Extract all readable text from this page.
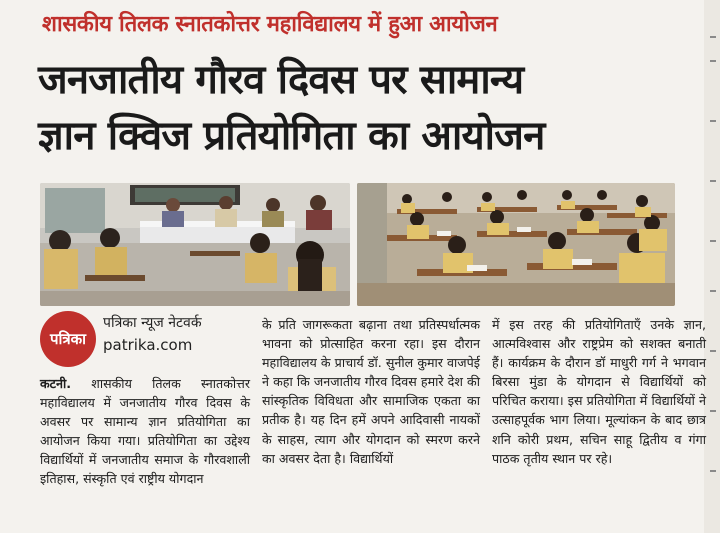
शासकीय तिलक स्नातकोत्तर महाविद्यालय में हुआ आयोजन
जनजातीय गौरव दिवस पर सामान्य
ज्ञान क्विज प्रतियोगिता का आयोजन
पत्रिका
पत्रिका न्यूज नेटवर्क
patrika.com

कटनी. शासकीय तिलक स्नातकोत्तर महाविद्यालय में जनजातीय गौरव दिवस के अवसर पर सामान्य ज्ञान प्रतियोगिता का आयोजन किया गया। प्रतियोगिता का उद्देश्य विद्यार्थियों में जनजातीय समाज के गौरवशाली इतिहास, संस्कृति एवं राष्ट्रीय योगदान

के प्रति जागरूकता बढ़ाना तथा प्रतिस्पर्धात्मक भावना को प्रोत्साहित करना रहा। इस दौरान महाविद्यालय के प्राचार्य डॉ. सुनील कुमार वाजपेई ने कहा कि जनजातीय गौरव दिवस हमारे देश की सांस्कृतिक विविधता और सामाजिक एकता का प्रतीक है। यह दिन हमें अपने आदिवासी नायकों के साहस, त्याग और योगदान को स्मरण करने का अवसर देता है। विद्यार्थियों

में इस तरह की प्रतियोगिताएँ उनके ज्ञान, आत्मविश्वास और राष्ट्रप्रेम को सशक्त बनाती हैं। कार्यक्रम के दौरान डॉ माधुरी गर्ग ने भगवान बिरसा मुंडा के योगदान से विद्यार्थियों को परिचित कराया। इस प्रतियोगिता में विद्यार्थियों ने उत्साहपूर्वक भाग लिया। मूल्यांकन के बाद छात्र शनि कोरी प्रथम, सचिन साहू द्वितीय व गंगा पाठक तृतीय स्थान पर रहे।
